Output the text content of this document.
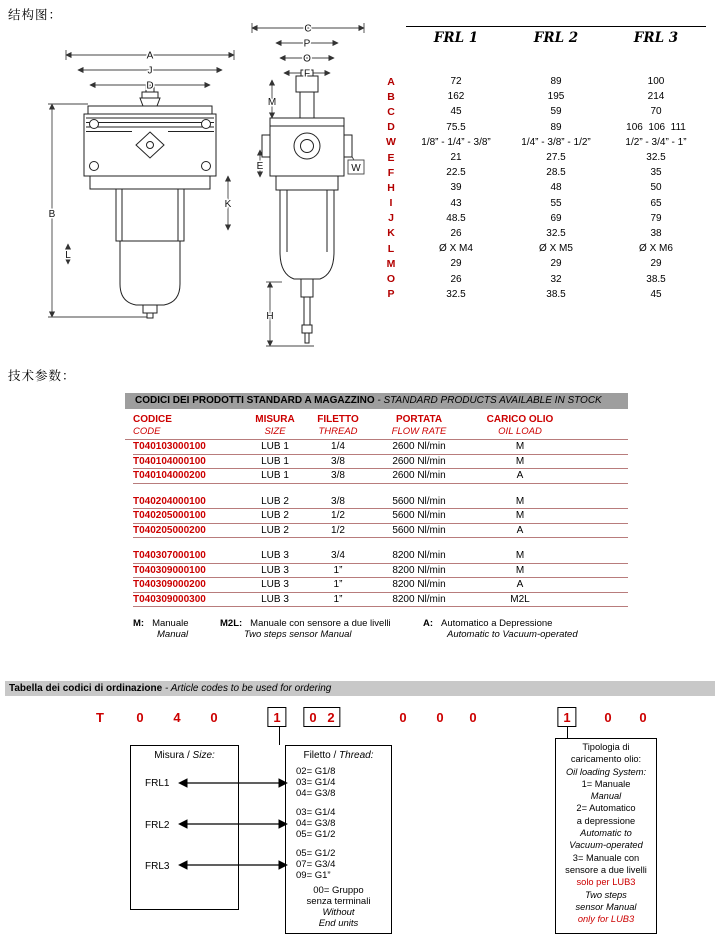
结构图：
A
J
D
B
L
K
C
P
O
F
M
E	W
H
FRL 1	FRL 2	FRL 3
A	72	89	100
B	162	195	214
C	45	59	70
D	75.5	89	106  106  111
W	1/8” - 1/4” - 3/8”	1/4” - 3/8” - 1/2”	1/2” - 3/4” - 1”
E	21	27.5	32.5
F	22.5	28.5	35
H	39	48	50
I	43	55	65
J	48.5	69	79
K	26	32.5	38
L	Ø X M4	Ø X M5	Ø X M6
M	29	29	29
O	26	32	38.5
P	32.5	38.5	45
技术参数：
CODICI DEI PRODOTTI STANDARD A MAGAZZINO - STANDARD PRODUCTS AVAILABLE IN STOCK
CODICE	MISURA	FILETTO	PORTATA	CARICO OLIO
CODE	SIZE	THREAD	FLOW RATE	OIL LOAD
T040103000100	LUB 1	1/4	2600 Nl/min	M
T040104000100	LUB 1	3/8	2600 Nl/min	M
T040104000200	LUB 1	3/8	2600 Nl/min	A
T040204000100	LUB 2	3/8	5600 Nl/min	M
T040205000100	LUB 2	1/2	5600 Nl/min	M
T040205000200	LUB 2	1/2	5600 Nl/min	A
T040307000100	LUB 3	3/4	8200 Nl/min	M
T040309000100	LUB 3	1”	8200 Nl/min	M
T040309000200	LUB 3	1”	8200 Nl/min	A
T040309000300	LUB 3	1”	8200 Nl/min	M2L
M: Manuale
Manual
M2L: Manuale con sensore a due livelli
Two steps sensor Manual
A: Automatico a Depressione
Automatic to Vacuum-operated
Tabella dei codici di ordinazione - Article codes to be used for ordering
T 0 4 0	1	0   2	0 0 0	1	0 0
Misura / Size:
FRL1
FRL2
FRL3
Filetto / Thread:
02= G1/8
03= G1/4
04= G3/8
03= G1/4
04= G3/8
05= G1/2
05= G1/2
07= G3/4
09= G1”
00= Gruppo
senza terminali
Without
End units
Tipologia di
caricamento olio:
Oil loading System:
1= Manuale
Manual
2= Automatico
a depressione
Automatic to
Vacuum-operated
3= Manuale con
sensore a due livelli
solo per LUB3
Two steps
sensor Manual
only for LUB3
